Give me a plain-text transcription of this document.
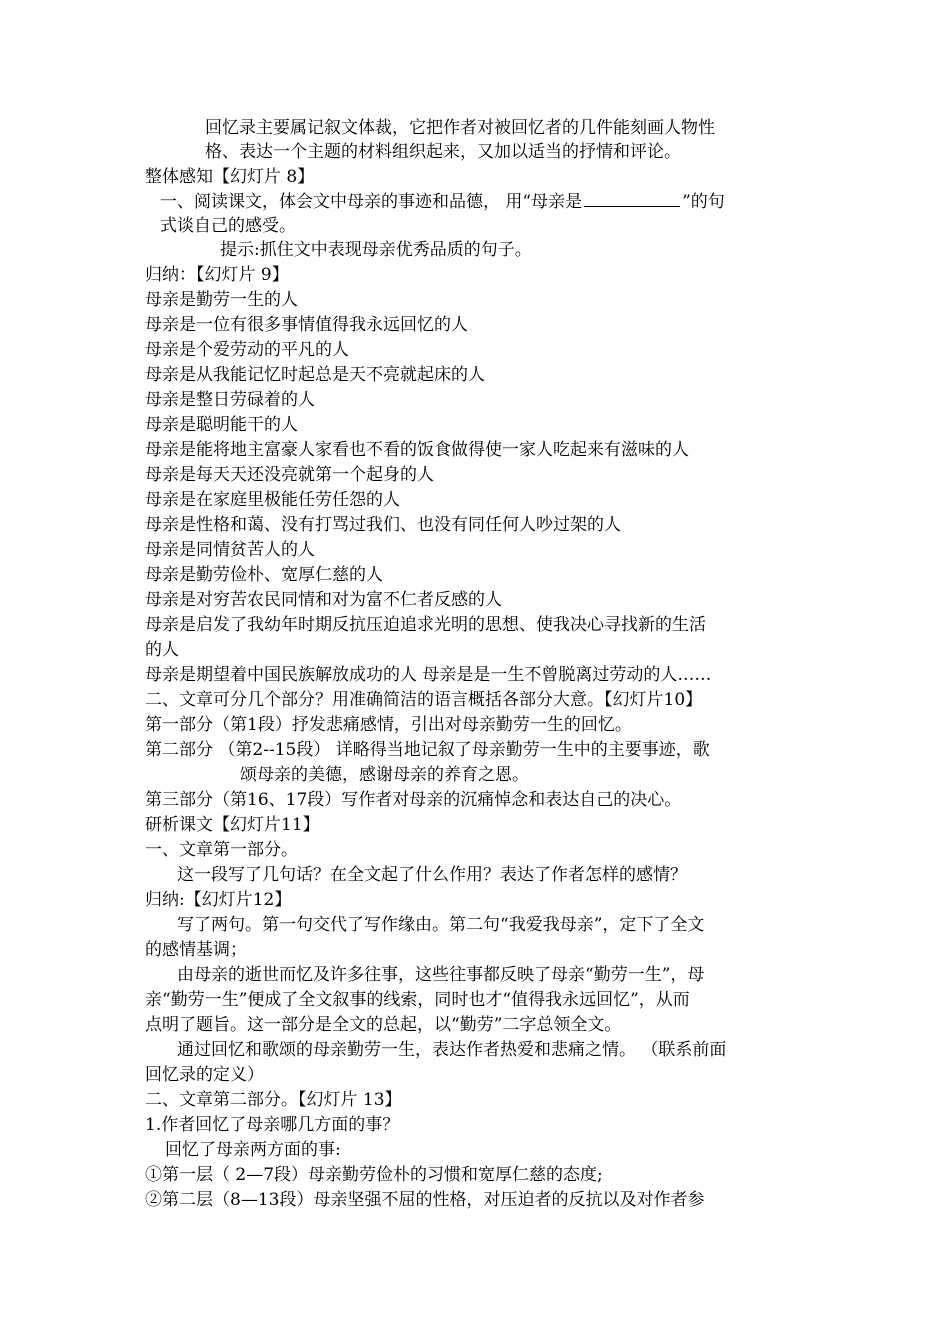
回忆录主要属记叙文体裁，它把作者对被回忆者的几件能刻画人物性
格、表达一个主题的材料组织起来，又加以适当的抒情和评论。
整体感知【幻灯片 8】
一、阅读课文，体会文中母亲的事迹和品德， 用“母亲是	”的句
式谈自己的感受。
提示:抓住文中表现母亲优秀品质的句子。
归纳：【幻灯片 9】
母亲是勤劳一生的人
母亲是一位有很多事情值得我永远回忆的人
母亲是个爱劳动的平凡的人
母亲是从我能记忆时起总是天不亮就起床的人
母亲是整日劳碌着的人
母亲是聪明能干的人
母亲是能将地主富豪人家看也不看的饭食做得使一家人吃起来有滋味的人
母亲是每天天还没亮就第一个起身的人
母亲是在家庭里极能任劳任怨的人
母亲是性格和蔼、没有打骂过我们、也没有同任何人吵过架的人
母亲是同情贫苦人的人
母亲是勤劳俭朴、宽厚仁慈的人
母亲是对穷苦农民同情和对为富不仁者反感的人
母亲是启发了我幼年时期反抗压迫追求光明的思想、使我决心寻找新的生活
的人
母亲是期望着中国民族解放成功的人 母亲是是一生不曾脱离过劳动的人……
二、文章可分几个部分？用准确简洁的语言概括各部分大意。【幻灯片10】
第一部分（第1段）抒发悲痛感情，引出对母亲勤劳一生的回忆。
第二部分 （第2--15段） 详略得当地记叙了母亲勤劳一生中的主要事迹，歌
颂母亲的美德，感谢母亲的养育之恩。
第三部分（第16、17段）写作者对母亲的沉痛悼念和表达自己的决心。
研析课文【幻灯片11】
一、文章第一部分。
这一段写了几句话？在全文起了什么作用？表达了作者怎样的感情？
归纳:【幻灯片12】
写了两句。第一句交代了写作缘由。第二句“我爱我母亲”，定下了全文
的感情基调；
由母亲的逝世而忆及许多往事，这些往事都反映了母亲“勤劳一生”，母
亲“勤劳一生”便成了全文叙事的线索，同时也才“值得我永远回忆”，从而
点明了题旨。这一部分是全文的总起，以“勤劳”二字总领全文。
通过回忆和歌颂的母亲勤劳一生，表达作者热爱和悲痛之情。 （联系前面
回忆录的定义）
二、文章第二部分。【幻灯片 13】
1.作者回忆了母亲哪几方面的事？
回忆了母亲两方面的事:
①第一层（ 2—7段）母亲勤劳俭朴的习惯和宽厚仁慈的态度;
②第二层（8—13段）母亲坚强不屈的性格，对压迫者的反抗以及对作者参
